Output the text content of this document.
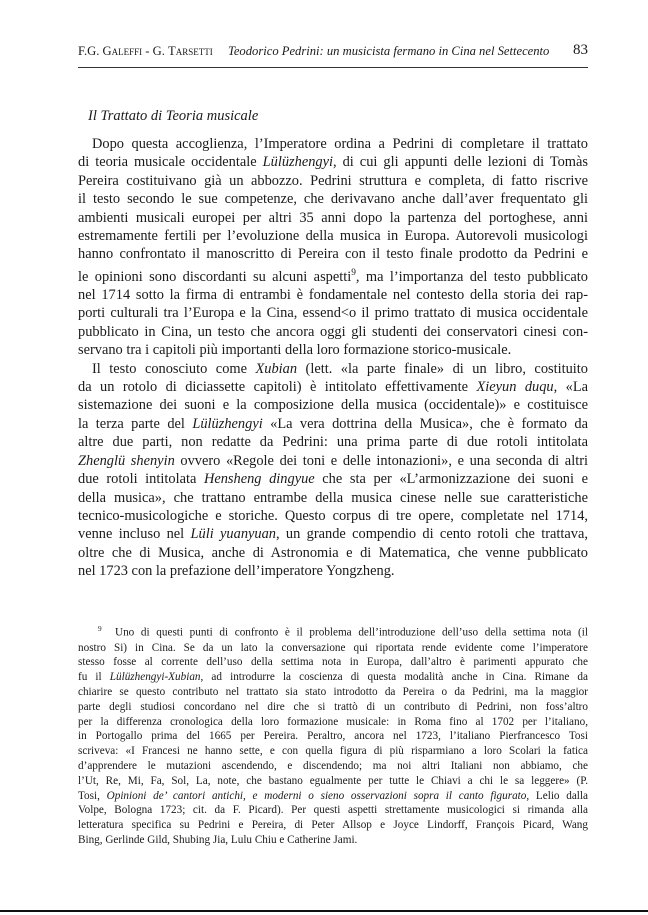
F.G. Galeffi - G. Tarsetti Teodorico Pedrini: un musicista fermano in Cina nel Settecento 83
Il Trattato di Teoria musicale
Dopo questa accoglienza, l’Imperatore ordina a Pedrini di completare il trattato
di teoria musicale occidentale Lülüzhengyi, di cui gli appunti delle lezioni di Tomàs
Pereira costituivano già un abbozzo. Pedrini struttura e completa, di fatto riscrive
il testo secondo le sue competenze, che derivavano anche dall’aver frequentato gli
ambienti musicali europei per altri 35 anni dopo la partenza del portoghese, anni
estremamente fertili per l’evoluzione della musica in Europa. Autorevoli musicologi
hanno confrontato il manoscritto di Pereira con il testo finale prodotto da Pedrini e
le opinioni sono discordanti su alcuni aspetti$^9$, ma l’importanza del testo pubblicato
nel 1714 sotto la firma di entrambi è fondamentale nel contesto della storia dei rap-
porti culturali tra l’Europa e la Cina, essend<o il primo trattato di musica occidentale
pubblicato in Cina, un testo che ancora oggi gli studenti dei conservatori cinesi con-
servano tra i capitoli più importanti della loro formazione storico-musicale.
Il testo conosciuto come Xubian (lett. «la parte finale» di un libro, costituito
da un rotolo di diciassette capitoli) è intitolato effettivamente Xieyun duqu, «La
sistemazione dei suoni e la composizione della musica (occidentale)» e costituisce
la terza parte del Lülüzhengyi «La vera dottrina della Musica», che è formato da
altre due parti, non redatte da Pedrini: una prima parte di due rotoli intitolata
Zhenglü shenyin ovvero «Regole dei toni e delle intonazioni», e una seconda di altri
due rotoli intitolata Hensheng dingyue che sta per «L’armonizzazione dei suoni e
della musica», che trattano entrambe della musica cinese nelle sue caratteristiche
tecnico-musicologiche e storiche. Questo corpus di tre opere, completate nel 1714,
venne incluso nel Lüli yuanyuan, un grande compendio di cento rotoli che trattava,
oltre che di Musica, anche di Astronomia e di Matematica, che venne pubblicato
nel 1723 con la prefazione dell’imperatore Yongzheng.
$^9$  Uno di questi punti di confronto è il problema dell’introduzione dell’uso della settima nota (il
nostro Si) in Cina. Se da un lato la conversazione qui riportata rende evidente come l’imperatore
stesso fosse al corrente dell’uso della settima nota in Europa, dall’altro è parimenti appurato che
fu il Lülüzhengyi-Xubian, ad introdurre la coscienza di questa modalità anche in Cina. Rimane da
chiarire se questo contributo nel trattato sia stato introdotto da Pereira o da Pedrini, ma la maggior
parte degli studiosi concordano nel dire che si trattò di un contributo di Pedrini, non foss’altro
per la differenza cronologica della loro formazione musicale: in Roma fino al 1702 per l’italiano,
in Portogallo prima del 1665 per Pereira. Peraltro, ancora nel 1723, l’italiano Pierfrancesco Tosi
scriveva: «I Francesi ne hanno sette, e con quella figura di più risparmiano a loro Scolari la fatica
d’apprendere le mutazioni ascendendo, e discendendo; ma noi altri Italiani non abbiamo, che
l’Ut, Re, Mi, Fa, Sol, La, note, che bastano egualmente per tutte le Chiavi a chi le sa leggere» (P.
Tosi, Opinioni de’ cantori antichi, e moderni o sieno osservazioni sopra il canto figurato, Lelio dalla
Volpe, Bologna 1723; cit. da F. Picard). Per questi aspetti strettamente musicologici si rimanda alla
letteratura specifica su Pedrini e Pereira, di Peter Allsop e Joyce Lindorff, François Picard, Wang
Bing, Gerlinde Gild, Shubing Jia, Lulu Chiu e Catherine Jami.
